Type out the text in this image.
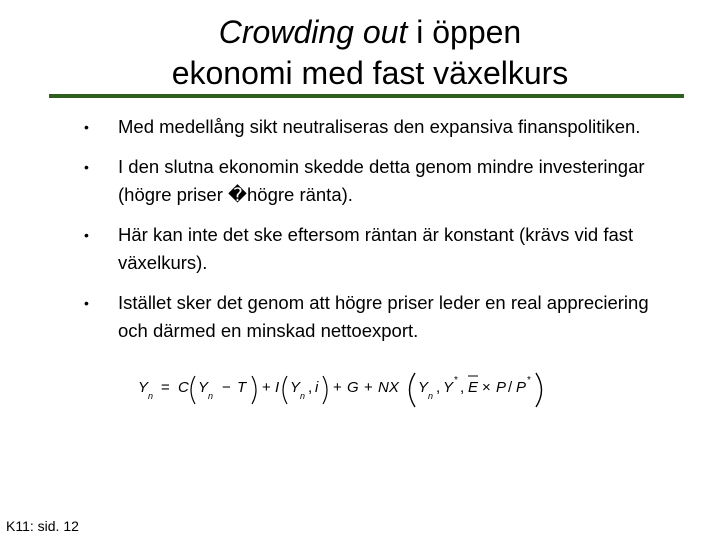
Crowding out i öppen
ekonomi med fast växelkurs
• Med medellång sikt neutraliseras den expansiva finanspolitiken.
• I den slutna ekonomin skedde detta genom mindre investeringar (högre priser �högre ränta).
• Här kan inte det ske eftersom räntan är konstant (krävs vid fast växelkurs).
• Istället sker det genom att högre priser leder en real appreciering och därmed en minskad nettoexport.
Y n = C Y n − T + I Y n , i + G + NX Y n , Y * , E × P / P *
K11: sid. 12
